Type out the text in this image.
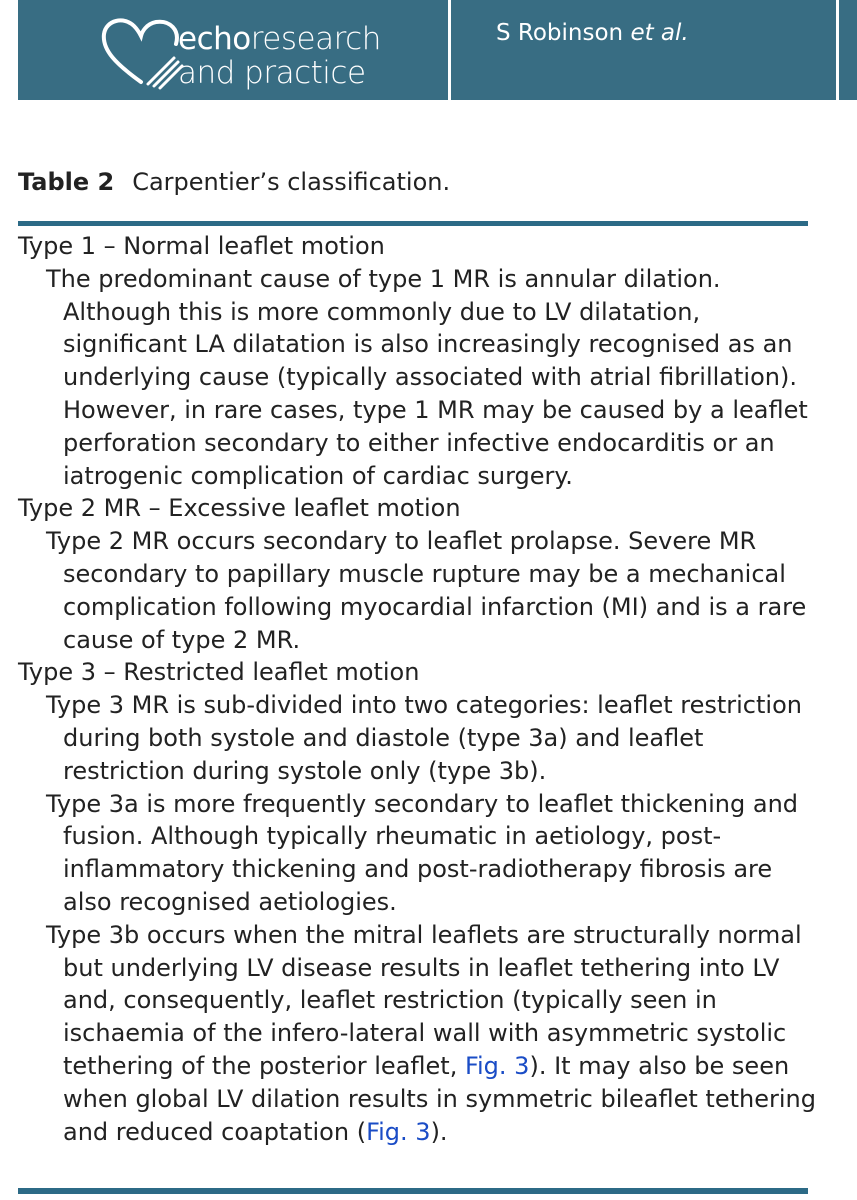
echoresearch
and practice
S Robinson et al.
Table 2 Carpentier’s classification.

Type 1 – Normal leaflet motion

The predominant cause of type 1 MR is annular dilation. Although this is more commonly due to LV dilatation, significant LA dilatation is also increasingly recognised as an underlying cause (typically associated with atrial fibrillation). However, in rare cases, type 1 MR may be caused by a leaflet perforation secondary to either infective endocarditis or an iatrogenic complication of cardiac surgery.

Type 2 MR – Excessive leaflet motion

Type 2 MR occurs secondary to leaflet prolapse. Severe MR secondary to papillary muscle rupture may be a mechanical complication following myocardial infarction (MI) and is a rare cause of type 2 MR.

Type 3 – Restricted leaflet motion

Type 3 MR is sub-divided into two categories: leaflet restriction during both systole and diastole (type 3a) and leaflet restriction during systole only (type 3b).

Type 3a is more frequently secondary to leaflet thickening and fusion. Although typically rheumatic in aetiology, post-inflammatory thickening and post-radiotherapy fibrosis are also recognised aetiologies.

Type 3b occurs when the mitral leaflets are structurally normal but underlying LV disease results in leaflet tethering into LV and, consequently, leaflet restriction (typically seen in ischaemia of the infero-lateral wall with asymmetric systolic tethering of the posterior leaflet, Fig. 3). It may also be seen when global LV dilation results in symmetric bileaflet tethering and reduced coaptation (Fig. 3).
